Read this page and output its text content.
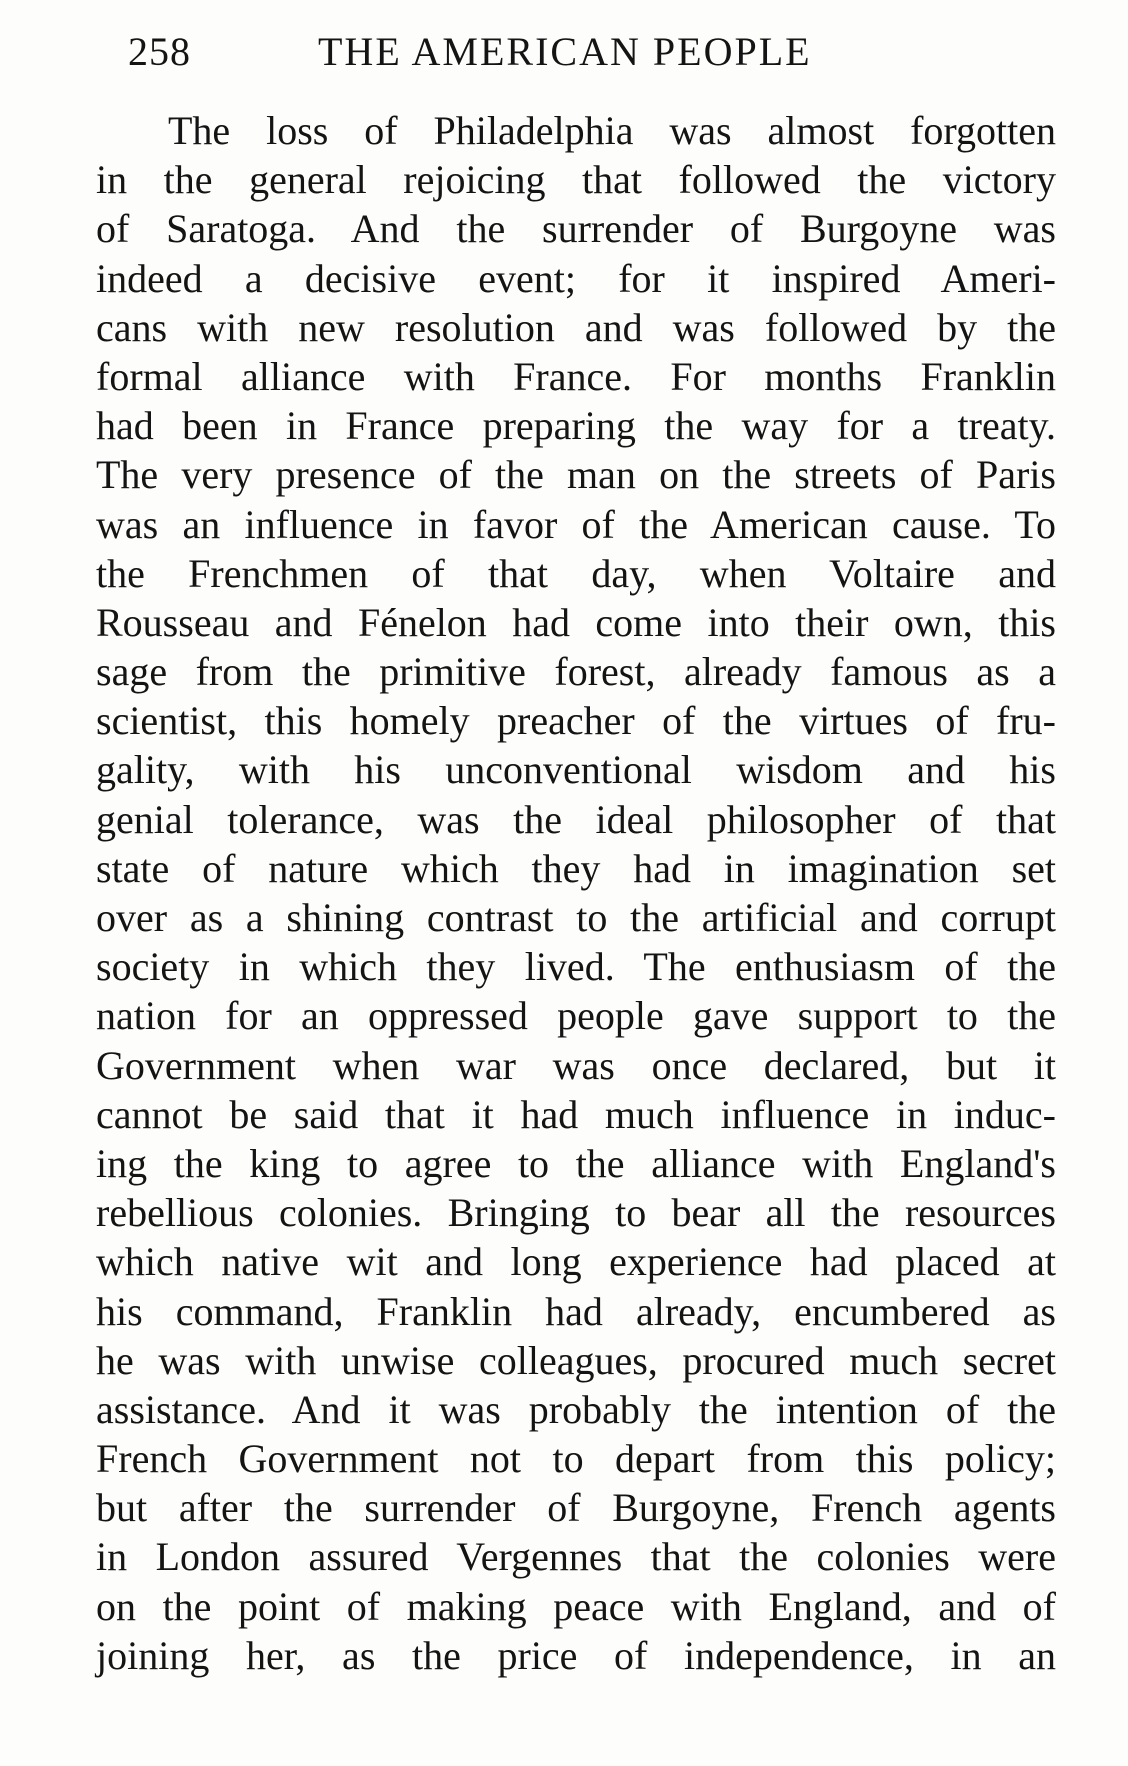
258	THE AMERICAN PEOPLE
The loss of Philadelphia was almost forgotten
in the general rejoicing that followed the victory
of Saratoga. And the surrender of Burgoyne was
indeed a decisive event; for it inspired Ameri-
cans with new resolution and was followed by the
formal alliance with France. For months Franklin
had been in France preparing the way for a treaty.
The very presence of the man on the streets of Paris
was an influence in favor of the American cause. To
the Frenchmen of that day, when Voltaire and
Rousseau and Fénelon had come into their own, this
sage from the primitive forest, already famous as a
scientist, this homely preacher of the virtues of fru-
gality, with his unconventional wisdom and his
genial tolerance, was the ideal philosopher of that
state of nature which they had in imagination set
over as a shining contrast to the artificial and corrupt
society in which they lived. The enthusiasm of the
nation for an oppressed people gave support to the
Government when war was once declared, but it
cannot be said that it had much influence in induc-
ing the king to agree to the alliance with England's
rebellious colonies. Bringing to bear all the resources
which native wit and long experience had placed at
his command, Franklin had already, encumbered as
he was with unwise colleagues, procured much secret
assistance. And it was probably the intention of the
French Government not to depart from this policy;
but after the surrender of Burgoyne, French agents
in London assured Vergennes that the colonies were
on the point of making peace with England, and of
joining her, as the price of independence, in an
